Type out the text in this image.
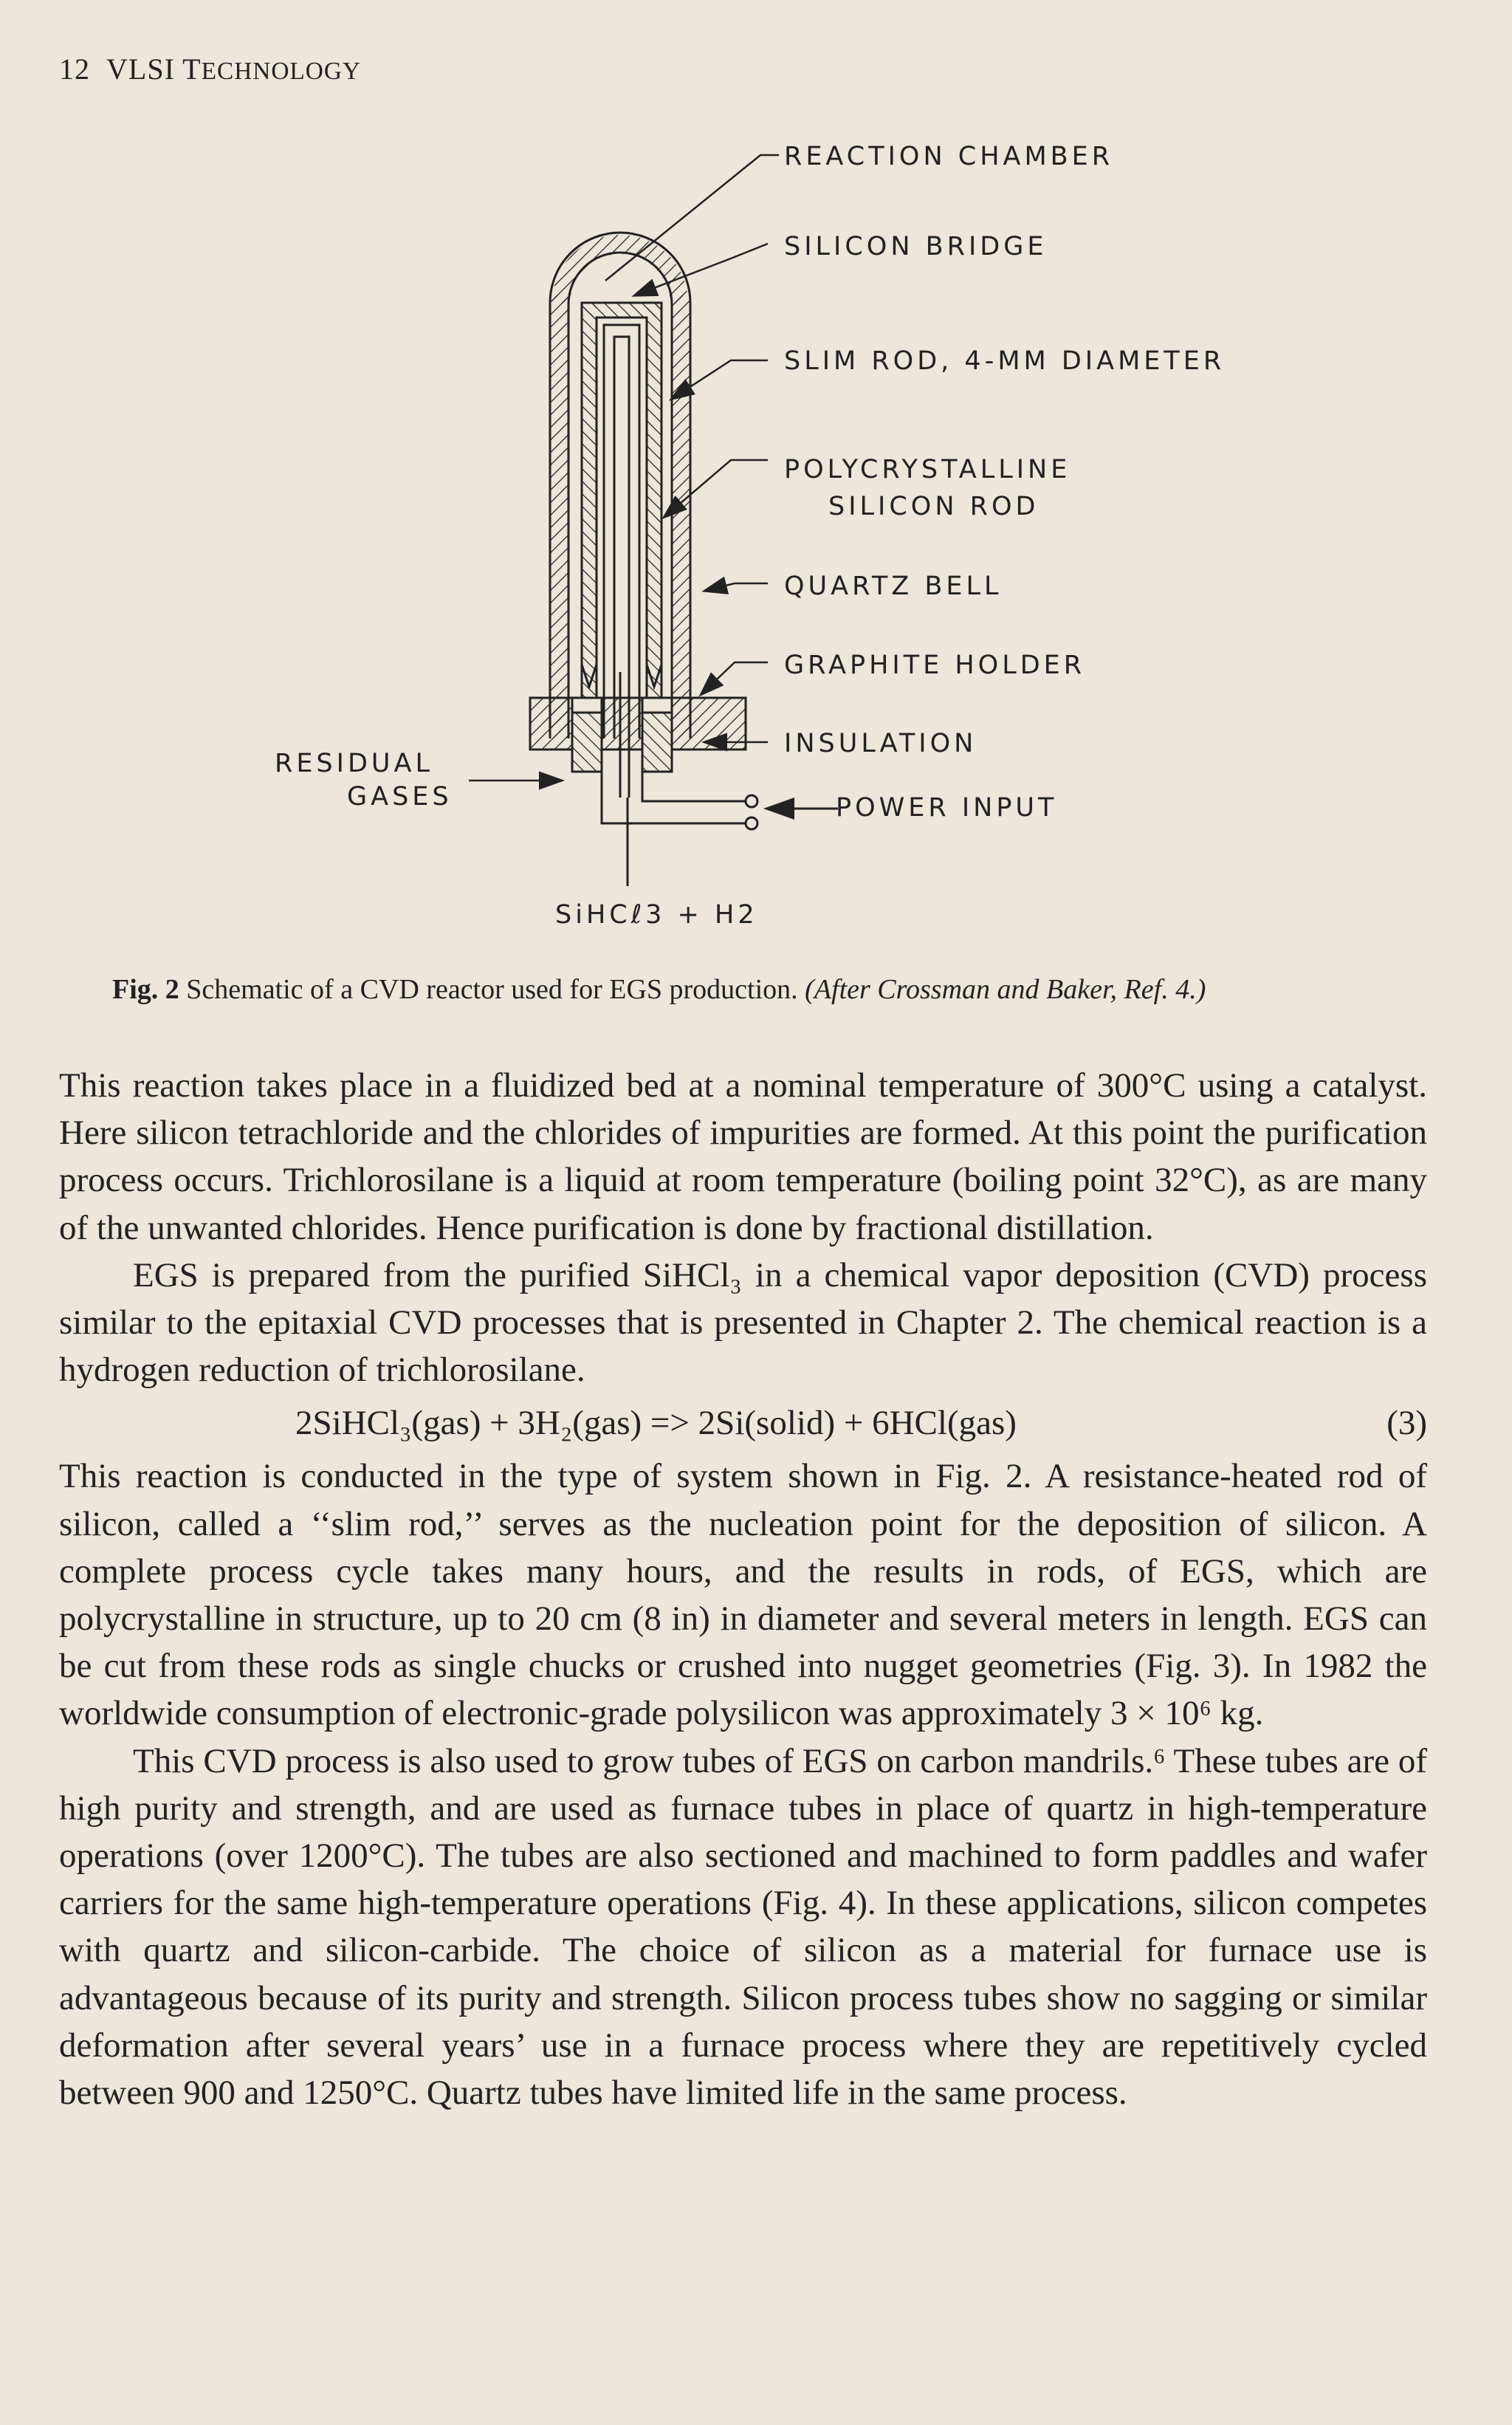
12 VLSI TECHNOLOGY
REACTION CHAMBER
SILICON BRIDGE
SLIM ROD, 4-MM DIAMETER
POLYCRYSTALLINE
SILICON ROD
QUARTZ BELL
GRAPHITE HOLDER
INSULATION
POWER INPUT
RESIDUAL
GASES
SiHCℓ3 + H2
Fig. 2 Schematic of a CVD reactor used for EGS production. (After Crossman and Baker, Ref. 4.)

This reaction takes place in a fluidized bed at a nominal temperature of 300°C using a catalyst. Here silicon tetrachloride and the chlorides of impurities are formed. At this point the purification process occurs. Trichlorosilane is a liquid at room temperature (boiling point 32°C), as are many of the unwanted chlorides. Hence purification is done by fractional distillation.

EGS is prepared from the purified SiHCl₃ in a chemical vapor deposition (CVD) process similar to the epitaxial CVD processes that is presented in Chapter 2. The chemical reaction is a hydrogen reduction of trichlorosilane.

2SiHCl₃(gas) + 3H₂(gas) => 2Si(solid) + 6HCl(gas)	(3)

This reaction is conducted in the type of system shown in Fig. 2. A resistance-heated rod of silicon, called a ‘‘slim rod,’’ serves as the nucleation point for the deposition of silicon. A complete process cycle takes many hours, and the results in rods, of EGS, which are polycrystalline in structure, up to 20 cm (8 in) in diameter and several meters in length. EGS can be cut from these rods as single chucks or crushed into nugget geometries (Fig. 3). In 1982 the worldwide consumption of electronic-grade polysilicon was approximately 3 × 10⁶ kg.

This CVD process is also used to grow tubes of EGS on carbon mandrils.⁶ These tubes are of high purity and strength, and are used as furnace tubes in place of quartz in high-temperature operations (over 1200°C). The tubes are also sectioned and machined to form paddles and wafer carriers for the same high-temperature operations (Fig. 4). In these applications, silicon competes with quartz and silicon-carbide. The choice of silicon as a material for furnace use is advantageous because of its purity and strength. Silicon process tubes show no sagging or similar deformation after several years’ use in a furnace process where they are repetitively cycled between 900 and 1250°C. Quartz tubes have limited life in the same process.
